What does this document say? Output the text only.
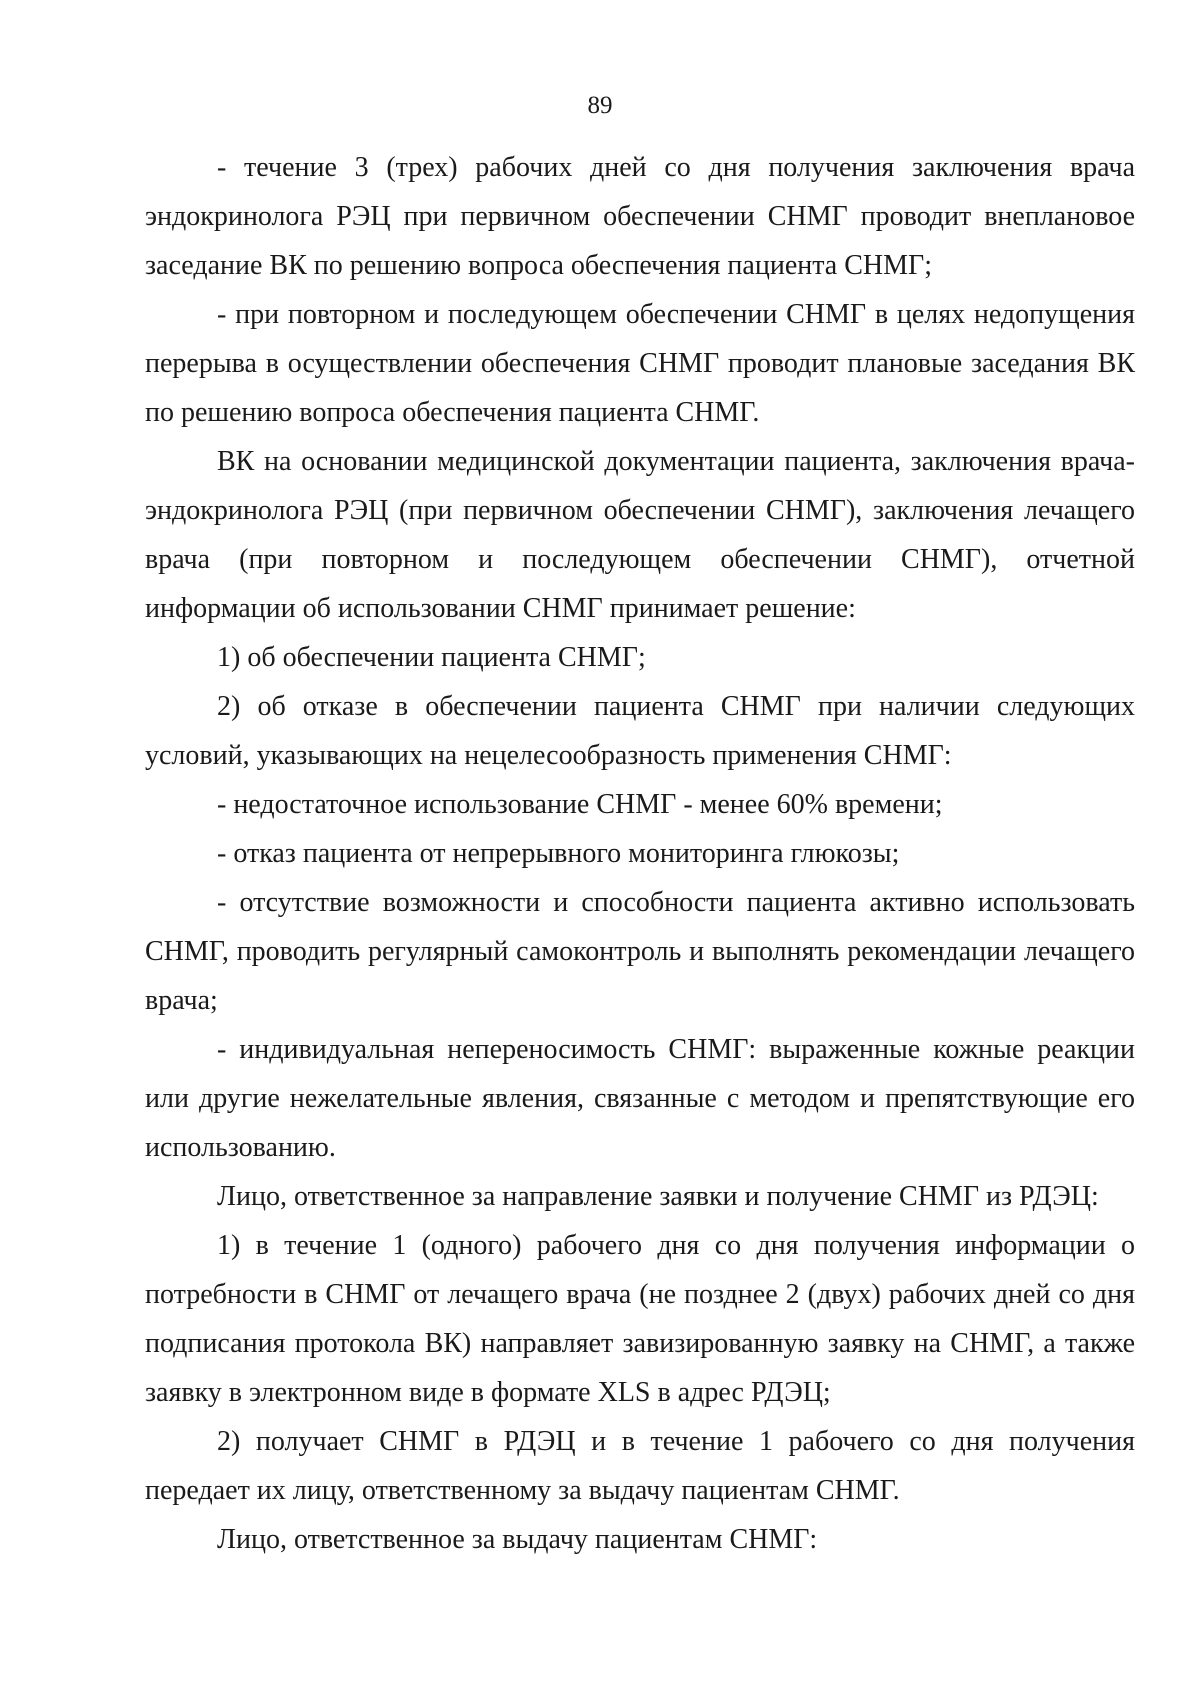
89

- течение 3 (трех) рабочих дней со дня получения заключения врача эндокринолога РЭЦ при первичном обеспечении СНМГ проводит внеплановое заседание ВК по решению вопроса обеспечения пациента СНМГ;

- при повторном и последующем обеспечении СНМГ в целях недопущения перерыва в осуществлении обеспечения СНМГ проводит плановые заседания ВК по решению вопроса обеспечения пациента СНМГ.

ВК на основании медицинской документации пациента, заключения врача-эндокринолога РЭЦ (при первичном обеспечении СНМГ), заключения лечащего врача (при повторном и последующем обеспечении СНМГ), отчетной информации об использовании СНМГ принимает решение:

1) об обеспечении пациента СНМГ;

2) об отказе в обеспечении пациента СНМГ при наличии следующих условий, указывающих на нецелесообразность применения СНМГ:

- недостаточное использование СНМГ - менее 60% времени;

- отказ пациента от непрерывного мониторинга глюкозы;

- отсутствие возможности и способности пациента активно использовать СНМГ, проводить регулярный самоконтроль и выполнять рекомендации лечащего врача;

- индивидуальная непереносимость СНМГ: выраженные кожные реакции или другие нежелательные явления, связанные с методом и препятствующие его использованию.

Лицо, ответственное за направление заявки и получение СНМГ из РДЭЦ:

1) в течение 1 (одного) рабочего дня со дня получения информации о потребности в СНМГ от лечащего врача (не позднее 2 (двух) рабочих дней со дня подписания протокола ВК) направляет завизированную заявку на СНМГ, а также заявку в электронном виде в формате XLS в адрес РДЭЦ;

2) получает СНМГ в РДЭЦ и в течение 1 рабочего со дня получения передает их лицу, ответственному за выдачу пациентам СНМГ.

Лицо, ответственное за выдачу пациентам СНМГ:
